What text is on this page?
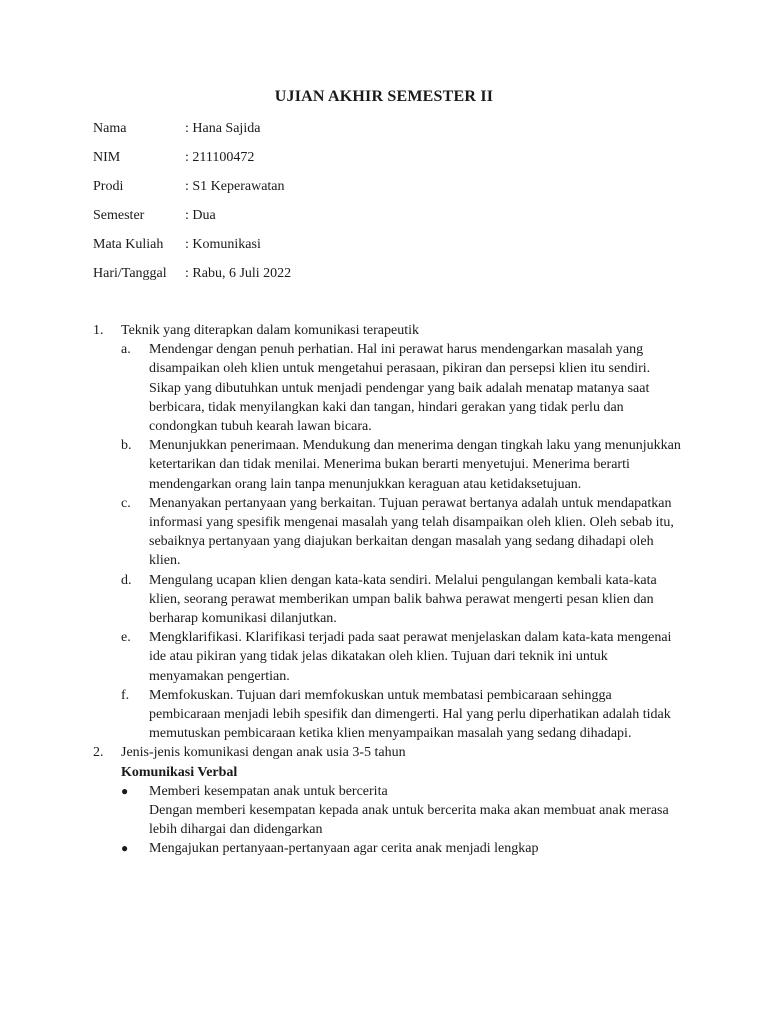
UJIAN AKHIR SEMESTER II
Nama	: Hana Sajida
NIM	: 211100472
Prodi	: S1 Keperawatan
Semester	: Dua
Mata Kuliah	: Komunikasi
Hari/Tanggal	: Rabu, 6 Juli 2022
1. Teknik yang diterapkan dalam komunikasi terapeutik
a. Mendengar dengan penuh perhatian. Hal ini perawat harus mendengarkan masalah yang disampaikan oleh klien untuk mengetahui perasaan, pikiran dan persepsi klien itu sendiri. Sikap yang dibutuhkan untuk menjadi pendengar yang baik adalah menatap matanya saat berbicara, tidak menyilangkan kaki dan tangan, hindari gerakan yang tidak perlu dan condongkan tubuh kearah lawan bicara.
b. Menunjukkan penerimaan. Mendukung dan menerima dengan tingkah laku yang menunjukkan ketertarikan dan tidak menilai. Menerima bukan berarti menyetujui. Menerima berarti mendengarkan orang lain tanpa menunjukkan keraguan atau ketidaksetujuan.
c. Menanyakan pertanyaan yang berkaitan. Tujuan perawat bertanya adalah untuk mendapatkan informasi yang spesifik mengenai masalah yang telah disampaikan oleh klien. Oleh sebab itu, sebaiknya pertanyaan yang diajukan berkaitan dengan masalah yang sedang dihadapi oleh klien.
d. Mengulang ucapan klien dengan kata-kata sendiri. Melalui pengulangan kembali kata-kata klien, seorang perawat memberikan umpan balik bahwa perawat mengerti pesan klien dan berharap komunikasi dilanjutkan.
e. Mengklarifikasi. Klarifikasi terjadi pada saat perawat menjelaskan dalam kata-kata mengenai ide atau pikiran yang tidak jelas dikatakan oleh klien. Tujuan dari teknik ini untuk menyamakan pengertian.
f. Memfokuskan. Tujuan dari memfokuskan untuk membatasi pembicaraan sehingga pembicaraan menjadi lebih spesifik dan dimengerti. Hal yang perlu diperhatikan adalah tidak memutuskan pembicaraan ketika klien menyampaikan masalah yang sedang dihadapi.
2. Jenis-jenis komunikasi dengan anak usia 3-5 tahun
Komunikasi Verbal
● Memberi kesempatan anak untuk bercerita
Dengan memberi kesempatan kepada anak untuk bercerita maka akan membuat anak merasa lebih dihargai dan didengarkan
● Mengajukan pertanyaan-pertanyaan agar cerita anak menjadi lengkap
